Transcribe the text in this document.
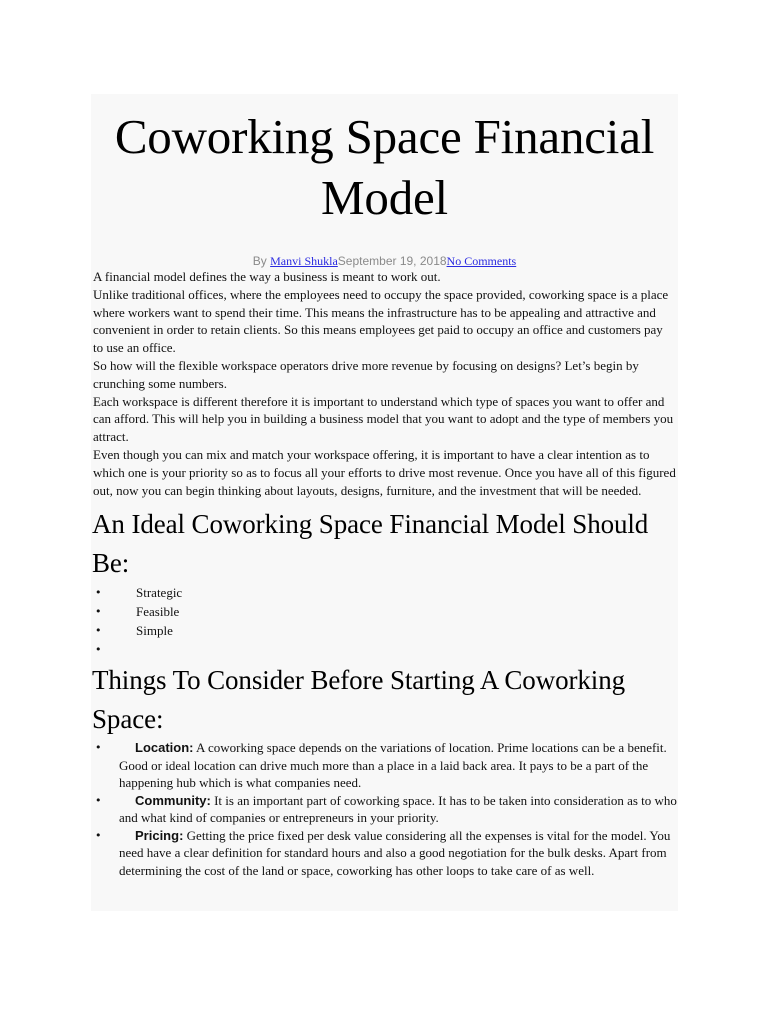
Coworking Space Financial Model
By Manvi ShuklaSeptember 19, 2018No Comments

A financial model defines the way a business is meant to work out.

Unlike traditional offices, where the employees need to occupy the space provided, coworking space is a place where workers want to spend their time. This means the infrastructure has to be appealing and attractive and convenient in order to retain clients. So this means employees get paid to occupy an office and customers pay to use an office.

So how will the flexible workspace operators drive more revenue by focusing on designs? Let’s begin by crunching some numbers.

Each workspace is different therefore it is important to understand which type of spaces you want to offer and can afford. This will help you in building a business model that you want to adopt and the type of members you attract.

Even though you can mix and match your workspace offering, it is important to have a clear intention as to which one is your priority so as to focus all your efforts to drive most revenue. Once you have all of this figured out, now you can begin thinking about layouts, designs, furniture, and the investment that will be needed.

An Ideal Coworking Space Financial Model Should Be:
•	Strategic
•	Feasible
•	Simple
•
Things To Consider Before Starting A Coworking Space:
•	Location: A coworking space depends on the variations of location. Prime locations can be a benefit. Good or ideal location can drive much more than a place in a laid back area. It pays to be a part of the happening hub which is what companies need.
•	Community: It is an important part of coworking space. It has to be taken into consideration as to who and what kind of companies or entrepreneurs in your priority.
•	Pricing: Getting the price fixed per desk value considering all the expenses is vital for the model. You need have a clear definition for standard hours and also a good negotiation for the bulk desks. Apart from determining the cost of the land or space, coworking has other loops to take care of as well.
